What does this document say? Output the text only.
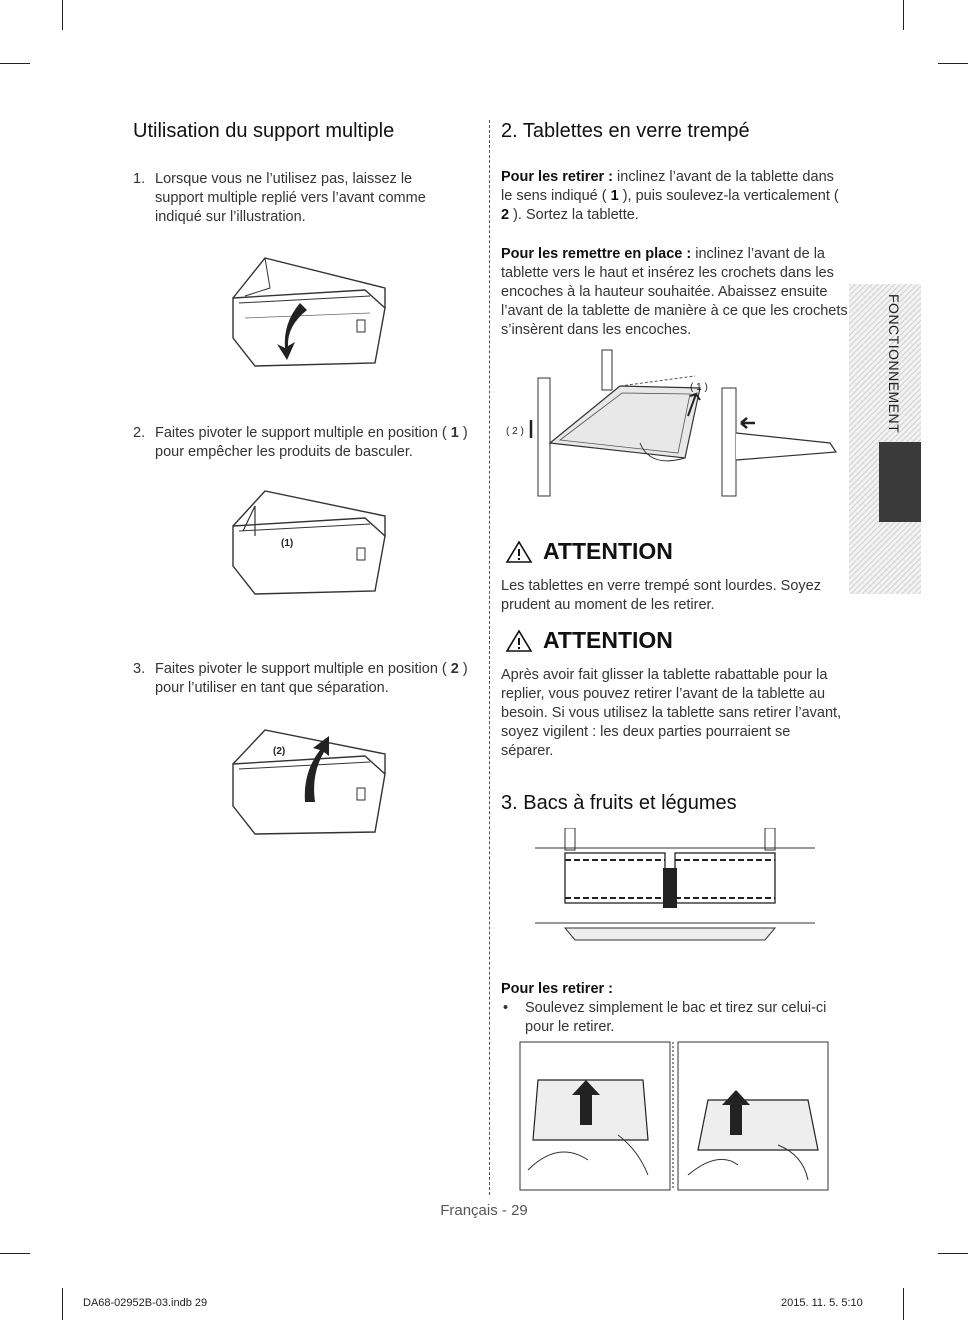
Utilisation du support multiple
1. Lorsque vous ne l’utilisez pas, laissez le support multiple replié vers l’avant comme indiqué sur l’illustration.
2. Faites pivoter le support multiple en position ( 1 ) pour empêcher les produits de basculer.
(1)
3. Faites pivoter le support multiple en position ( 2 ) pour l’utiliser en tant que séparation.
(2)
2. Tablettes en verre trempé
Pour les retirer : inclinez l’avant de la tablette dans le sens indiqué ( 1 ), puis soulevez-la verticalement ( 2 ). Sortez la tablette.
Pour les remettre en place : inclinez l’avant de la tablette vers le haut et insérez les crochets dans les encoches à la hauteur souhaitée. Abaissez ensuite l’avant de la tablette de manière à ce que les crochets s’insèrent dans les encoches.
( 1 )
( 2 )
ATTENTION
Les tablettes en verre trempé sont lourdes. Soyez prudent au moment de les retirer.
ATTENTION
Après avoir fait glisser la tablette rabattable pour la replier, vous pouvez retirer l’avant de la tablette au besoin. Si vous utilisez la tablette sans retirer l’avant, soyez vigilent : les deux parties pourraient se séparer.
3. Bacs à fruits et légumes
Pour les retirer :
• Soulevez simplement le bac et tirez sur celui-ci pour le retirer.
FONCTIONNEMENT
Français - 29
DA68-02952B-03.indb 29	2015. 11. 5. 5:10
